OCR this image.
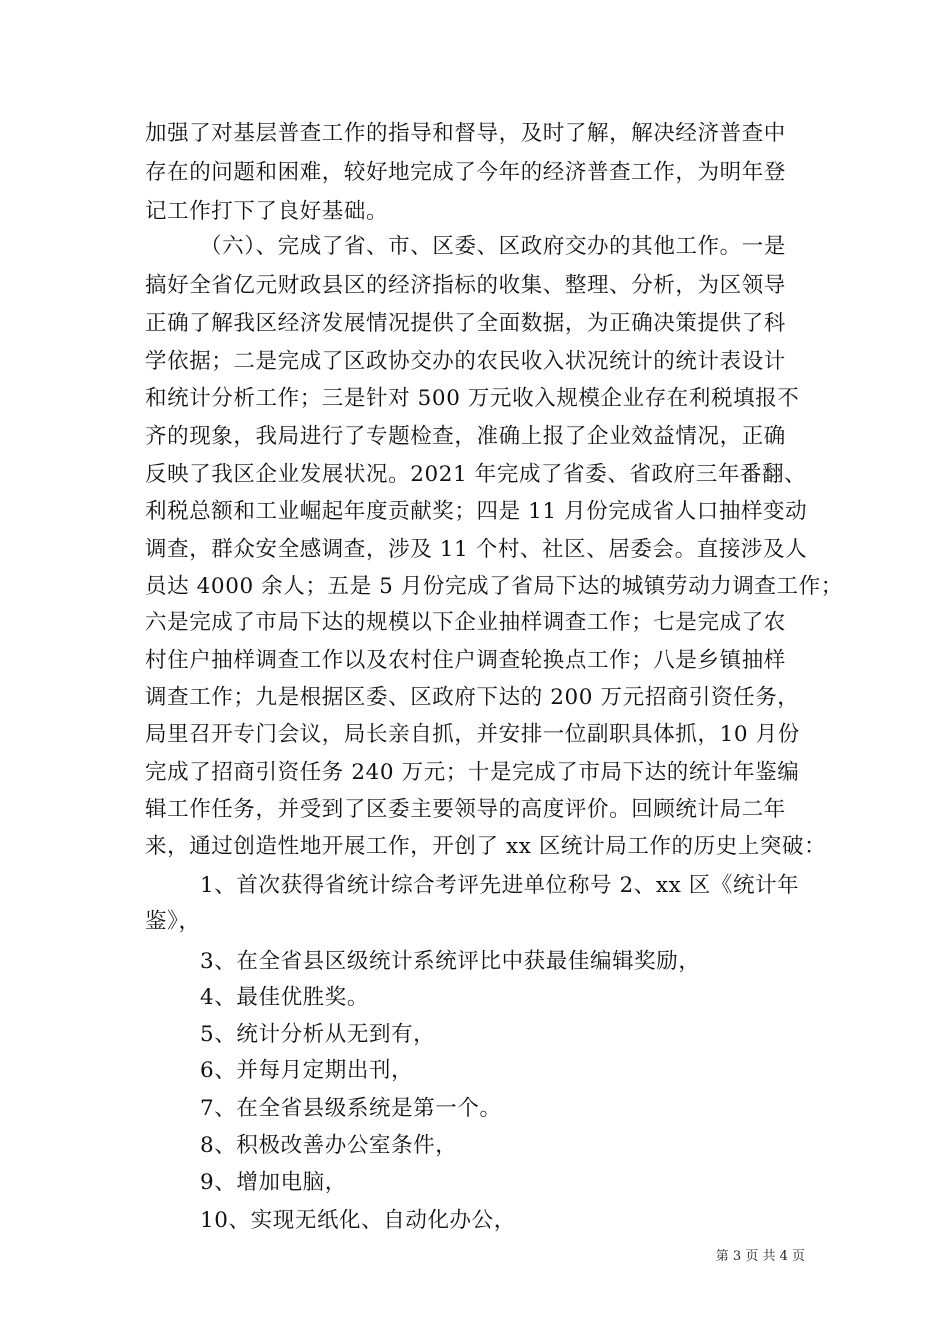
加强了对基层普查工作的指导和督导，及时了解，解决经济普查中
存在的问题和困难，较好地完成了今年的经济普查工作，为明年登
记工作打下了良好基础。
（六）、完成了省、市、区委、区政府交办的其他工作。一是
搞好全省亿元财政县区的经济指标的收集、整理、分析，为区领导
正确了解我区经济发展情况提供了全面数据，为正确决策提供了科
学依据；二是完成了区政协交办的农民收入状况统计的统计表设计
和统计分析工作；三是针对 500 万元收入规模企业存在利税填报不
齐的现象，我局进行了专题检查，准确上报了企业效益情况，正确
反映了我区企业发展状况。2021 年完成了省委、省政府三年番翻、
利税总额和工业崛起年度贡献奖；四是 11 月份完成省人口抽样变动
调查，群众安全感调查，涉及 11 个村、社区、居委会。直接涉及人
员达 4000 余人；五是 5 月份完成了省局下达的城镇劳动力调查工作；
六是完成了市局下达的规模以下企业抽样调查工作；七是完成了农
村住户抽样调查工作以及农村住户调查轮换点工作；八是乡镇抽样
调查工作；九是根据区委、区政府下达的 200 万元招商引资任务，
局里召开专门会议，局长亲自抓，并安排一位副职具体抓，10 月份
完成了招商引资任务 240 万元；十是完成了市局下达的统计年鉴编
辑工作任务，并受到了区委主要领导的高度评价。回顾统计局二年
来，通过创造性地开展工作，开创了 xx 区统计局工作的历史上突破：
1、首次获得省统计综合考评先进单位称号 2、xx 区《统计年
鉴》，
3、在全省县区级统计系统评比中获最佳编辑奖励，
4、最佳优胜奖。
5、统计分析从无到有，
6、并每月定期出刊，
7、在全省县级系统是第一个。
8、积极改善办公室条件，
9、增加电脑，
10、实现无纸化、自动化办公，
第 3 页 共 4 页
